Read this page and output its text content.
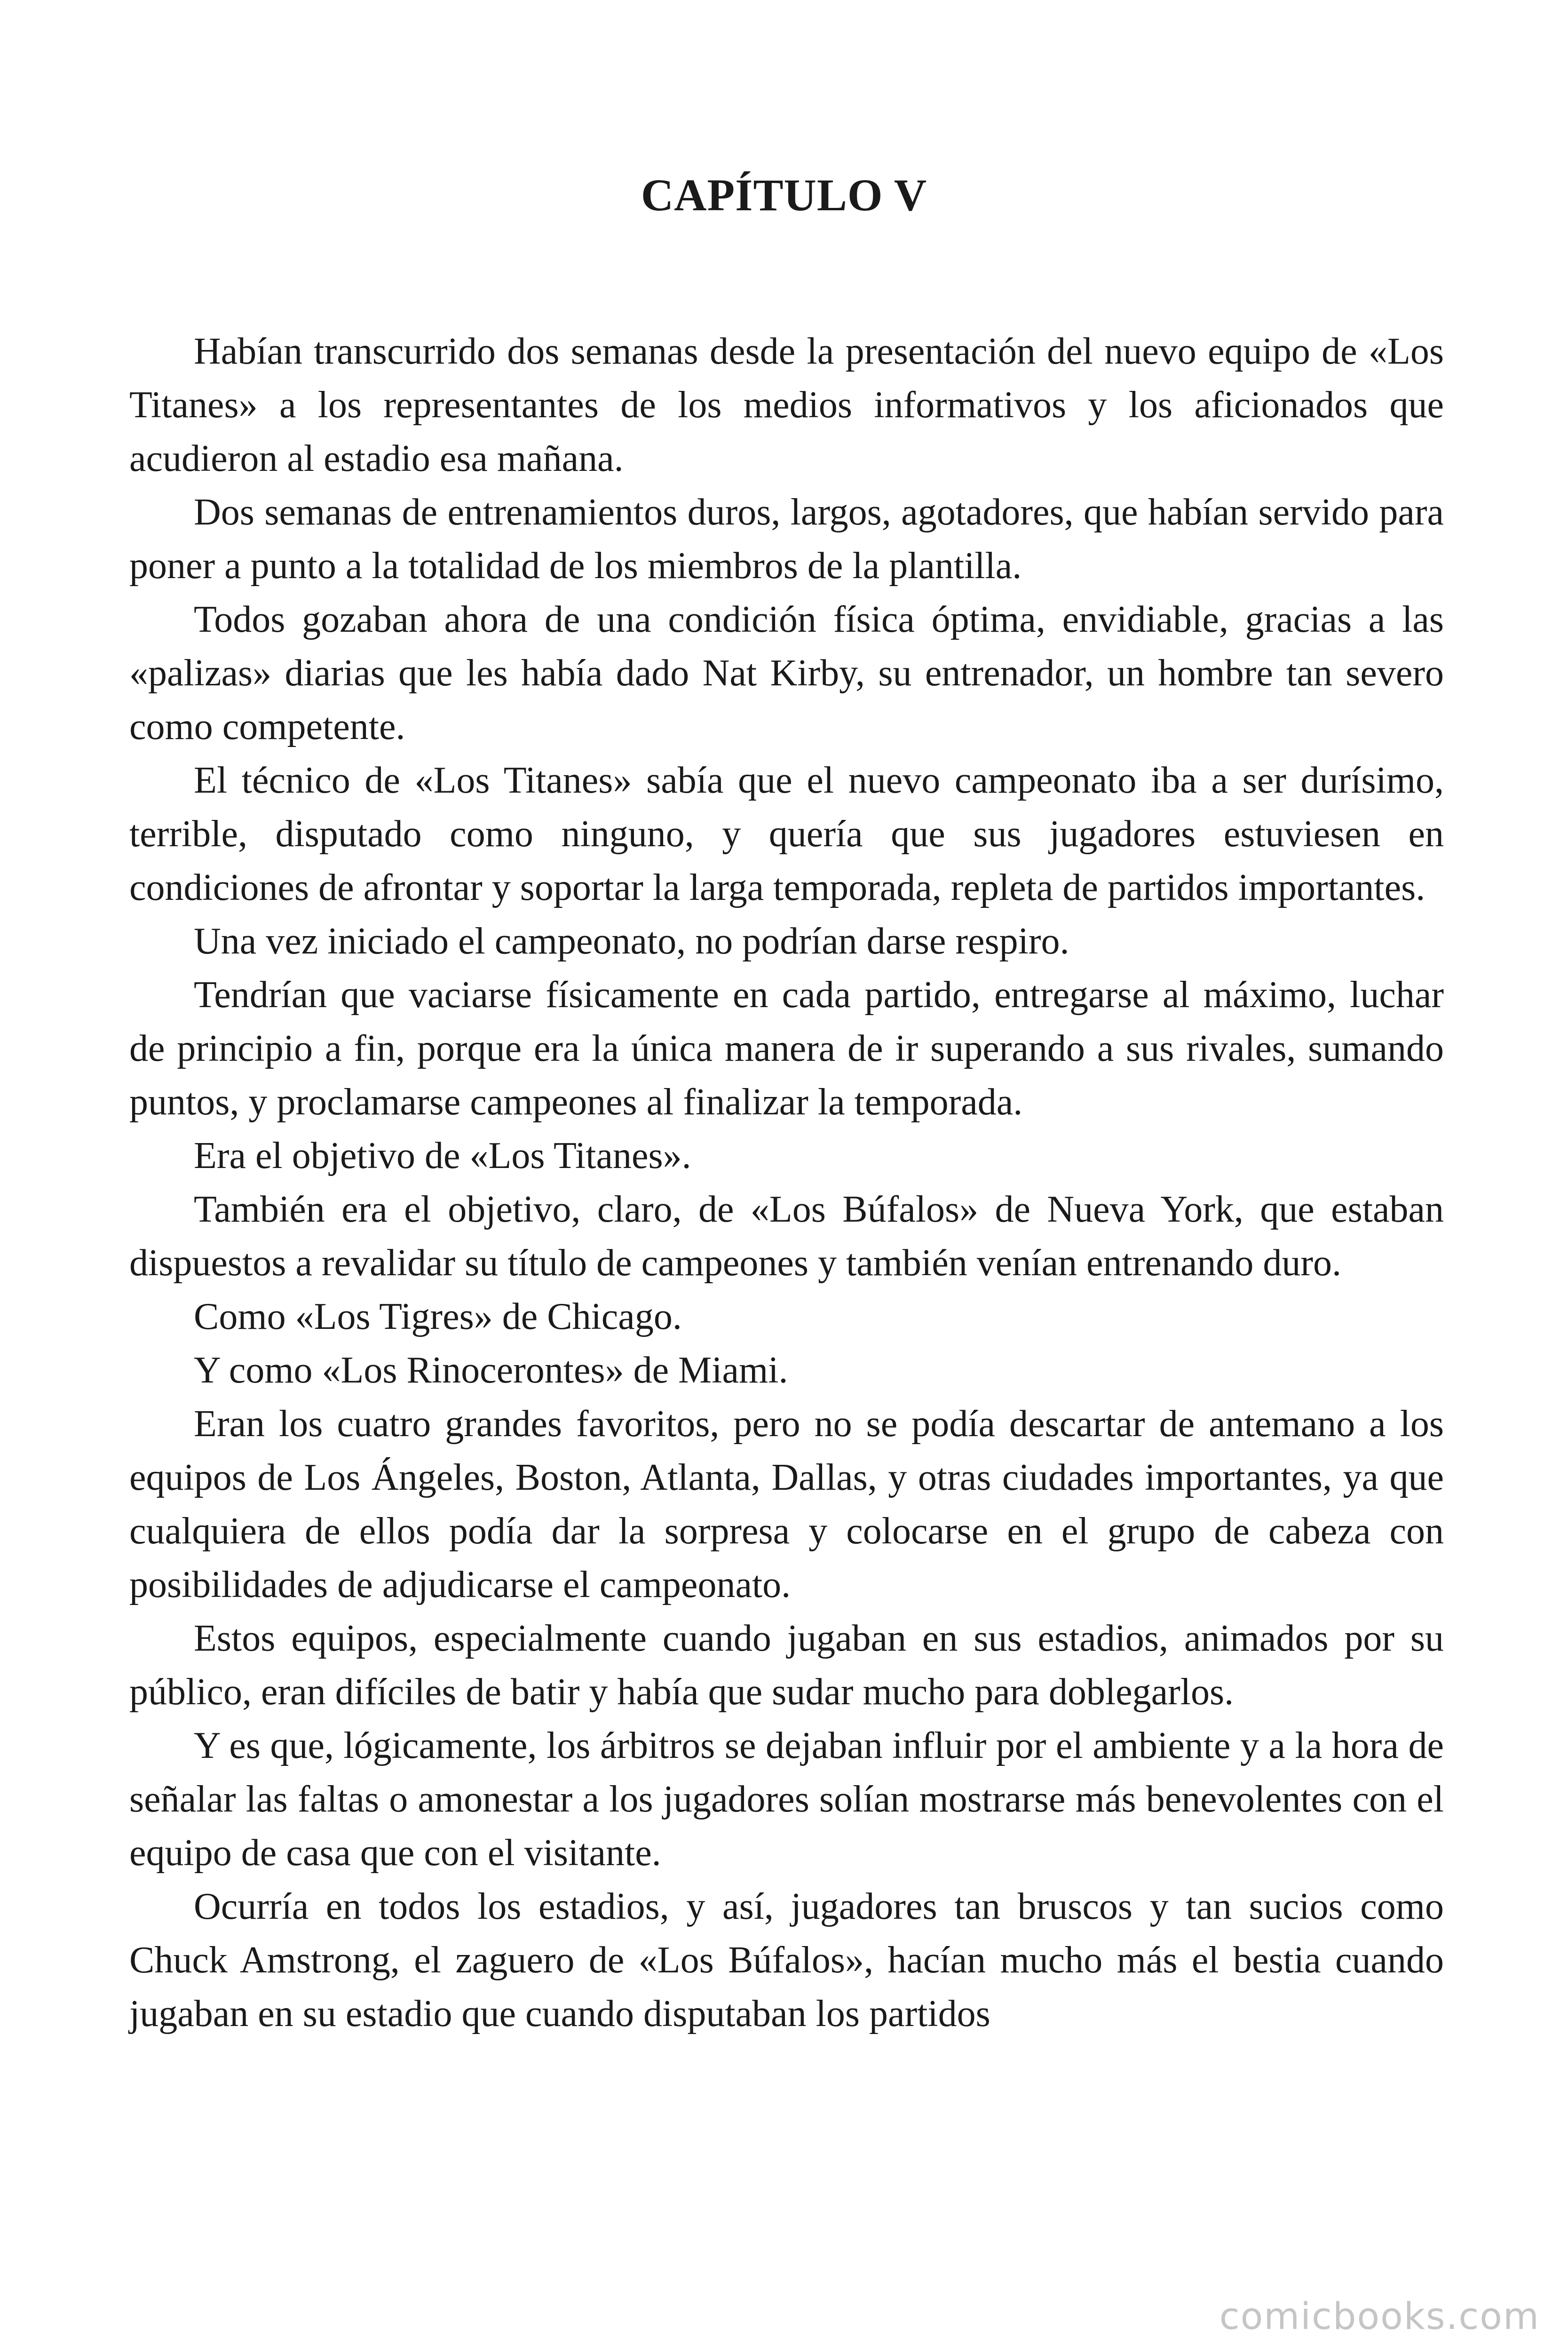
CAPÍTULO V

Habían transcurrido dos semanas desde la presentación del nuevo equipo de «Los Titanes» a los representantes de los medios informativos y los aficionados que acudieron al estadio esa mañana.

Dos semanas de entrenamientos duros, largos, agotadores, que habían servido para poner a punto a la totalidad de los miembros de la plantilla.

Todos gozaban ahora de una condición física óptima, envidiable, gracias a las «palizas» diarias que les había dado Nat Kirby, su entrenador, un hombre tan severo como competente.

El técnico de «Los Titanes» sabía que el nuevo campeonato iba a ser durísimo, terrible, disputado como ninguno, y quería que sus jugadores estuviesen en condiciones de afrontar y soportar la larga temporada, repleta de partidos importantes.

Una vez iniciado el campeonato, no podrían darse respiro.

Tendrían que vaciarse físicamente en cada partido, entregarse al máximo, luchar de principio a fin, porque era la única manera de ir superando a sus rivales, sumando puntos, y proclamarse campeones al finalizar la temporada.

Era el objetivo de «Los Titanes».

También era el objetivo, claro, de «Los Búfalos» de Nueva York, que estaban dispuestos a revalidar su título de campeones y también venían entrenando duro.

Como «Los Tigres» de Chicago.

Y como «Los Rinocerontes» de Miami.

Eran los cuatro grandes favoritos, pero no se podía descartar de antemano a los equipos de Los Ángeles, Boston, Atlanta, Dallas, y otras ciudades importantes, ya que cualquiera de ellos podía dar la sorpresa y colocarse en el grupo de cabeza con posibilidades de adjudicarse el campeonato.

Estos equipos, especialmente cuando jugaban en sus estadios, animados por su público, eran difíciles de batir y había que sudar mucho para doblegarlos.

Y es que, lógicamente, los árbitros se dejaban influir por el ambiente y a la hora de señalar las faltas o amonestar a los jugadores solían mostrarse más benevolentes con el equipo de casa que con el visitante.

Ocurría en todos los estadios, y así, jugadores tan bruscos y tan sucios como Chuck Amstrong, el zaguero de «Los Búfalos», hacían mucho más el bestia cuando jugaban en su estadio que cuando disputaban los partidos

comicbooks.com
